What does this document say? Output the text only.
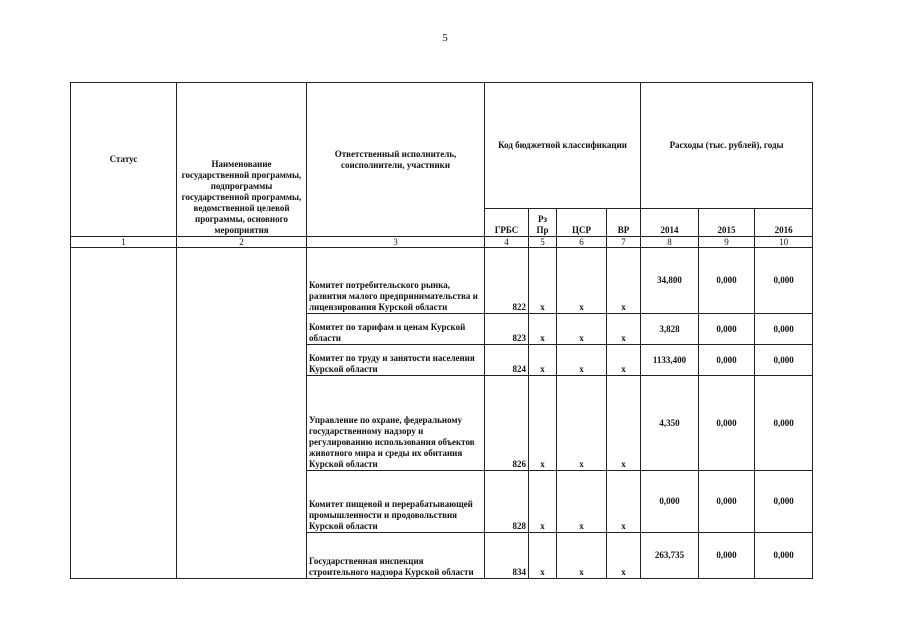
5
Статус	Наименование государственной программы, подпрограммы государственной программы, ведомственной целевой программы, основного мероприятия	Ответственный исполнитель, соисполнители, участники	Код бюджетной классификации				Расходы (тыс. рублей), годы		
			ГРБС	Рз Пр	ЦСР	ВР	2014	2015	2016
1	2	3	4	5	6	7	8	9	10
		Комитет потребительского рынка, развития малого предпринимательства и лицензирования Курской области	822	х	х	х	34,800	0,000	0,000
		Комитет по тарифам и ценам Курской области	823	х	х	х	3,828	0,000	0,000
		Комитет по труду и занятости населения Курской области	824	х	х	х	1133,400	0,000	0,000
		Управление по охране, федеральному государственному надзору и регулированию использования объектов животного мира и среды их обитания Курской области	826	х	х	х	4,350	0,000	0,000
		Комитет пищевой и перерабатывающей промышленности и продовольствия Курской области	828	х	х	х	0,000	0,000	0,000
		Государственная инспекция строительного надзора Курской области	834	х	х	х	263,735	0,000	0,000
